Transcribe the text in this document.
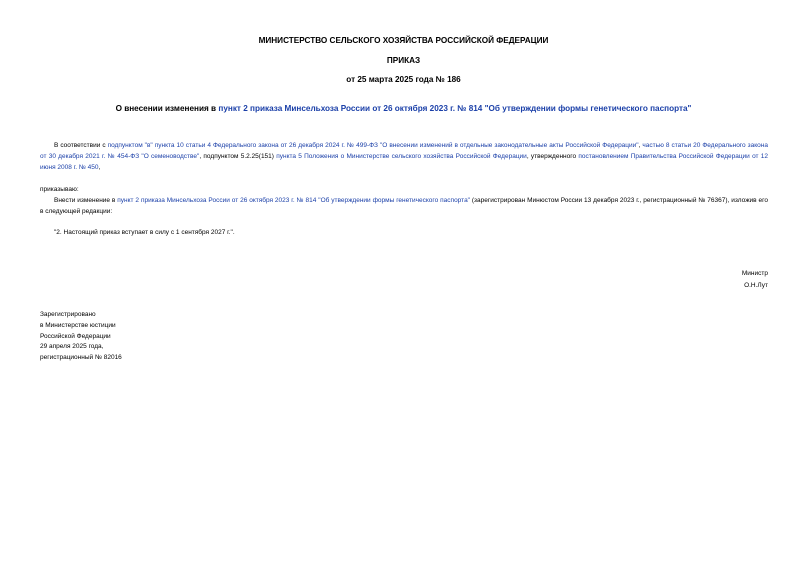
МИНИСТЕРСТВО СЕЛЬСКОГО ХОЗЯЙСТВА РОССИЙСКОЙ ФЕДЕРАЦИИ
ПРИКАЗ
от 25 марта 2025 года № 186
О внесении изменения в пункт 2 приказа Минсельхоза России от 26 октября 2023 г. № 814 "Об утверждении формы генетического паспорта"
В соответствии с подпунктом "в" пункта 10 статьи 4 Федерального закона от 26 декабря 2024 г. № 499-ФЗ "О внесении изменений в отдельные законодательные акты Российской Федерации", частью 8 статьи 20 Федерального закона от 30 декабря 2021 г. № 454-ФЗ "О семеноводстве", подпунктом 5.2.25(151) пункта 5 Положения о Министерстве сельского хозяйства Российской Федерации, утвержденного постановлением Правительства Российской Федерации от 12 июня 2008 г. № 450,
приказываю:
Внести изменение в пункт 2 приказа Минсельхоза России от 26 октября 2023 г. № 814 "Об утверждении формы генетического паспорта" (зарегистрирован Минюстом России 13 декабря 2023 г., регистрационный № 76367), изложив его в следующей редакции:
"2. Настоящий приказ вступает в силу с 1 сентября 2027 г.".
Министр
О.Н.Лут
Зарегистрировано
в Министерстве юстиции
Российской Федерации
29 апреля 2025 года,
регистрационный № 82016
